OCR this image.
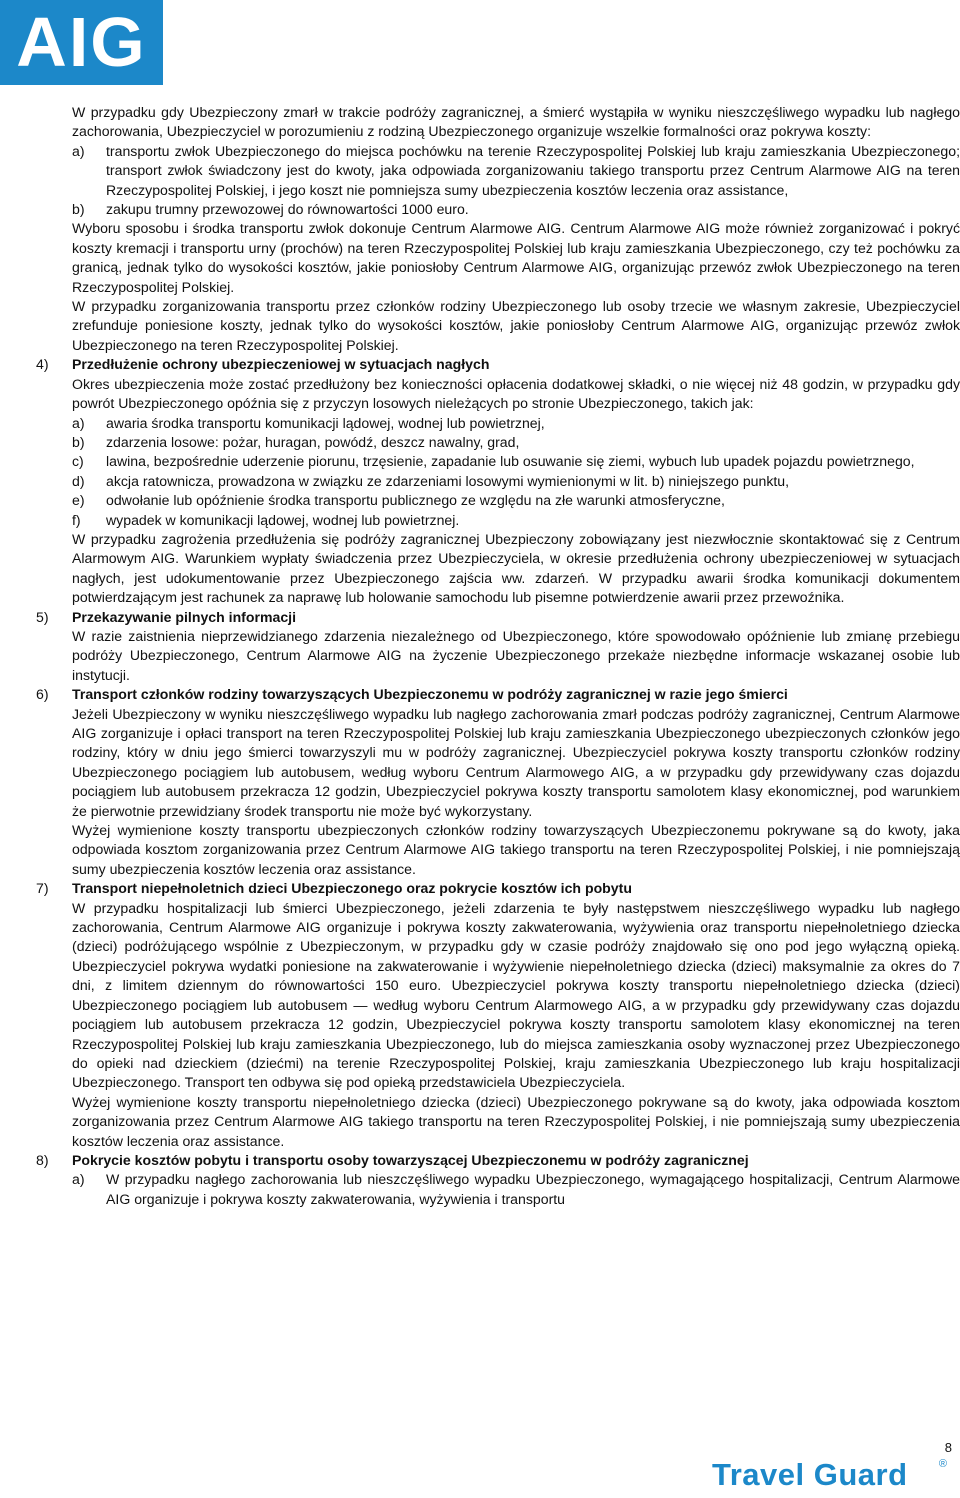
AIG

W przypadku gdy Ubezpieczony zmarł w trakcie podróży zagranicznej, a śmierć wystąpiła w wyniku nieszczęśliwego wypadku lub nagłego zachorowania, Ubezpieczyciel w porozumieniu z rodziną Ubezpieczonego organizuje wszelkie formalności oraz pokrywa koszty:

a)	transportu zwłok Ubezpieczonego do miejsca pochówku na terenie Rzeczypospolitej Polskiej lub kraju zamieszkania Ubezpieczonego; transport zwłok świadczony jest do kwoty, jaka odpowiada zorganizowaniu takiego transportu przez Centrum Alarmowe AIG na teren Rzeczypospolitej Polskiej, i jego koszt nie pomniejsza sumy ubezpieczenia kosztów leczenia oraz assistance,
b)	zakupu trumny przewozowej do równowartości 1000 euro.

Wyboru sposobu i środka transportu zwłok dokonuje Centrum Alarmowe AIG. Centrum Alarmowe AIG może również zorganizować i pokryć koszty kremacji i transportu urny (prochów) na teren Rzeczypospolitej Polskiej lub kraju zamieszkania Ubezpieczonego, czy też pochówku za granicą, jednak tylko do wysokości kosztów, jakie poniosłoby Centrum Alarmowe AIG, organizując przewóz zwłok Ubezpieczonego na teren Rzeczypospolitej Polskiej.

W przypadku zorganizowania transportu przez członków rodziny Ubezpieczonego lub osoby trzecie we własnym zakresie, Ubezpieczyciel zrefunduje poniesione koszty, jednak tylko do wysokości kosztów, jakie poniosłoby Centrum Alarmowe AIG, organizując przewóz zwłok Ubezpieczonego na teren Rzeczypospolitej Polskiej.

4)	Przedłużenie ochrony ubezpieczeniowej w sytuacjach nagłych

Okres ubezpieczenia może zostać przedłużony bez konieczności opłacenia dodatkowej składki, o nie więcej niż 48 godzin, w przypadku gdy powrót Ubezpieczonego opóźnia się z przyczyn losowych nieleżących po stronie Ubezpieczonego, takich jak:

a)	awaria środka transportu komunikacji lądowej, wodnej lub powietrznej,
b)	zdarzenia losowe: pożar, huragan, powódź, deszcz nawalny, grad,
c)	lawina, bezpośrednie uderzenie piorunu, trzęsienie, zapadanie lub osuwanie się ziemi, wybuch lub upadek pojazdu powietrznego,
d)	akcja ratownicza, prowadzona w związku ze zdarzeniami losowymi wymienionymi w lit. b) niniejszego punktu,
e)	odwołanie lub opóźnienie środka transportu publicznego ze względu na złe warunki atmosferyczne,
f)	wypadek w komunikacji lądowej, wodnej lub powietrznej.

W przypadku zagrożenia przedłużenia się podróży zagranicznej Ubezpieczony zobowiązany jest niezwłocznie skontaktować się z Centrum Alarmowym AIG. Warunkiem wypłaty świadczenia przez Ubezpieczyciela, w okresie przedłużenia ochrony ubezpieczeniowej w sytuacjach nagłych, jest udokumentowanie przez Ubezpieczonego zajścia ww. zdarzeń. W przypadku awarii środka komunikacji dokumentem potwierdzającym jest rachunek za naprawę lub holowanie samochodu lub pisemne potwierdzenie awarii przez przewoźnika.

5)	Przekazywanie pilnych informacji

W razie zaistnienia nieprzewidzianego zdarzenia niezależnego od Ubezpieczonego, które spowodowało opóźnienie lub zmianę przebiegu podróży Ubezpieczonego, Centrum Alarmowe AIG na życzenie Ubezpieczonego przekaże niezbędne informacje wskazanej osobie lub instytucji.

6)	Transport członków rodziny towarzyszących Ubezpieczonemu w podróży zagranicznej w razie jego śmierci

Jeżeli Ubezpieczony w wyniku nieszczęśliwego wypadku lub nagłego zachorowania zmarł podczas podróży zagranicznej, Centrum Alarmowe AIG zorganizuje i opłaci transport na teren Rzeczypospolitej Polskiej lub kraju zamieszkania Ubezpieczonego ubezpieczonych członków jego rodziny, który w dniu jego śmierci towarzyszyli mu w podróży zagranicznej. Ubezpieczyciel pokrywa koszty transportu członków rodziny Ubezpieczonego pociągiem lub autobusem, według wyboru Centrum Alarmowego AIG, a w przypadku gdy przewidywany czas dojazdu pociągiem lub autobusem przekracza 12 godzin, Ubezpieczyciel pokrywa koszty transportu samolotem klasy ekonomicznej, pod warunkiem że pierwotnie przewidziany środek transportu nie może być wykorzystany.

Wyżej wymienione koszty transportu ubezpieczonych członków rodziny towarzyszących Ubezpieczonemu pokrywane są do kwoty, jaka odpowiada kosztom zorganizowania przez Centrum Alarmowe AIG takiego transportu na teren Rzeczypospolitej Polskiej, i nie pomniejszają sumy ubezpieczenia kosztów leczenia oraz assistance.

7)	Transport niepełnoletnich dzieci Ubezpieczonego oraz pokrycie kosztów ich pobytu

W przypadku hospitalizacji lub śmierci Ubezpieczonego, jeżeli zdarzenia te były następstwem nieszczęśliwego wypadku lub nagłego zachorowania, Centrum Alarmowe AIG organizuje i pokrywa koszty zakwaterowania, wyżywienia oraz transportu niepełnoletniego dziecka (dzieci) podróżującego wspólnie z Ubezpieczonym, w przypadku gdy w czasie podróży znajdowało się ono pod jego wyłączną opieką. Ubezpieczyciel pokrywa wydatki poniesione na zakwaterowanie i wyżywienie niepełnoletniego dziecka (dzieci) maksymalnie za okres do 7 dni, z limitem dziennym do równowartości 150 euro. Ubezpieczyciel pokrywa koszty transportu niepełnoletniego dziecka (dzieci) Ubezpieczonego pociągiem lub autobusem — według wyboru Centrum Alarmowego AIG, a w przypadku gdy przewidywany czas dojazdu pociągiem lub autobusem przekracza 12 godzin, Ubezpieczyciel pokrywa koszty transportu samolotem klasy ekonomicznej na teren Rzeczypospolitej Polskiej lub kraju zamieszkania Ubezpieczonego, lub do miejsca zamieszkania osoby wyznaczonej przez Ubezpieczonego do opieki nad dzieckiem (dziećmi) na terenie Rzeczypospolitej Polskiej, kraju zamieszkania Ubezpieczonego lub kraju hospitalizacji Ubezpieczonego. Transport ten odbywa się pod opieką przedstawiciela Ubezpieczyciela.

Wyżej wymienione koszty transportu niepełnoletniego dziecka (dzieci) Ubezpieczonego pokrywane są do kwoty, jaka odpowiada kosztom zorganizowania przez Centrum Alarmowe AIG takiego transportu na teren Rzeczypospolitej Polskiej, i nie pomniejszają sumy ubezpieczenia kosztów leczenia oraz assistance.

8)	Pokrycie kosztów pobytu i transportu osoby towarzyszącej Ubezpieczonemu w podróży zagranicznej
a)	W przypadku nagłego zachorowania lub nieszczęśliwego wypadku Ubezpieczonego, wymagającego hospitalizacji, Centrum Alarmowe AIG organizuje i pokrywa koszty zakwaterowania, wyżywienia i transportu
8
Travel Guard	®
